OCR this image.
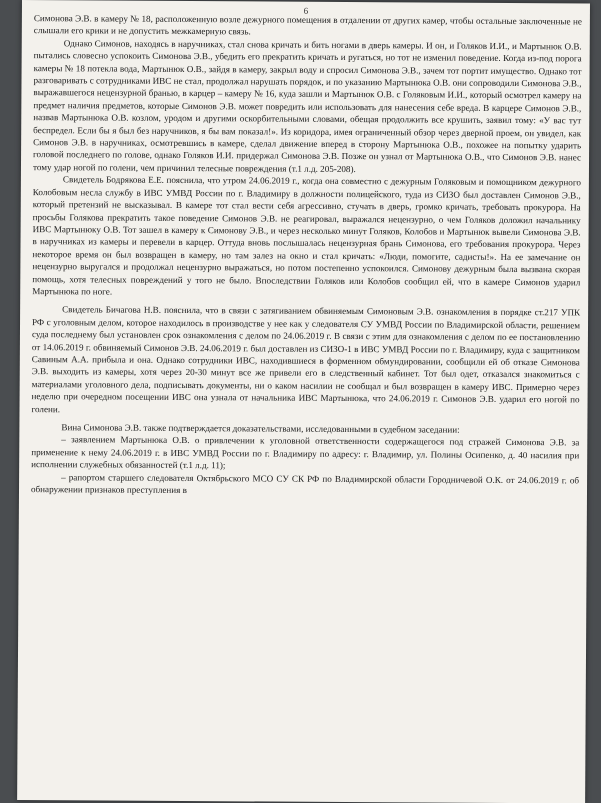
6

Симонова Э.В. в камеру № 18, расположенную возле дежурного помещения в отдалении от других камер, чтобы остальные заключенные не слышали его крики и не допустить межкамерную связь.

Однако Симонов, находясь в наручниках, стал снова кричать и бить ногами в дверь камеры. И он, и Голяков И.И., и Мартынюк О.В. пытались словесно успокоить Симонова Э.В., убедить его прекратить кричать и ругаться, но тот не изменил поведение. Когда из-под порога камеры № 18 потекла вода, Мартынюк О.В., зайдя в камеру, закрыл воду и спросил Симонова Э.В., зачем тот портит имущество. Однако тот разговаривать с сотрудниками ИВС не стал, продолжал нарушать порядок, и по указанию Мартынюка О.В. они сопроводили Симонова Э.В., выражавшегося нецензурной бранью, в карцер – камеру № 16, куда зашли и Мартынюк О.В. с Голяковым И.И., который осмотрел камеру на предмет наличия предметов, которые Симонов Э.В. может повредить или использовать для нанесения себе вреда. В карцере Симонов Э.В., назвав Мартынюка О.В. козлом, уродом и другими оскорбительными словами, обещая продолжить все крушить, заявил тому: «У вас тут беспредел. Если бы я был без наручников, я бы вам показал!». Из коридора, имея ограниченный обзор через дверной проем, он увидел, как Симонов Э.В. в наручниках, осмотревшись в камере, сделал движение вперед в сторону Мартынюка О.В., похожее на попытку ударить головой последнего по голове, однако Голяков И.И. придержал Симонова Э.В. Позже он узнал от Мартынюка О.В., что Симонов Э.В. нанес тому удар ногой по голени, чем причинил телесные повреждения (т.1 л.д. 205-208).

Свидетель Бодрякова Е.Е. пояснила, что утром 24.06.2019 г., когда она совместно с дежурным Голяковым и помощником дежурного Колобовым несла службу в ИВС УМВД России по г. Владимиру в должности полицейского, туда из СИЗО был доставлен Симонов Э.В., который претензий не высказывал. В камере тот стал вести себя агрессивно, стучать в дверь, громко кричать, требовать прокурора. На просьбы Голякова прекратить такое поведение Симонов Э.В. не реагировал, выражался нецензурно, о чем Голяков доложил начальнику ИВС Мартынюку О.В. Тот зашел в камеру к Симонову Э.В., и через несколько минут Голяков, Колобов и Мартынюк вывели Симонова Э.В. в наручниках из камеры и перевели в карцер. Оттуда вновь послышалась нецензурная брань Симонова, его требования прокурора. Через некоторое время он был возвращен в камеру, но там залез на окно и стал кричать: «Люди, помогите, садисты!». На ее замечание он нецензурно выругался и продолжал нецензурно выражаться, но потом постепенно успокоился. Симонову дежурным была вызвана скорая помощь, хотя телесных повреждений у того не было. Впоследствии Голяков или Колобов сообщил ей, что в камере Симонов ударил Мартынюка по ноге.

Свидетель Бичагова Н.В. пояснила, что в связи с затягиванием обвиняемым Симоновым Э.В. ознакомления в порядке ст.217 УПК РФ с уголовным делом, которое находилось в производстве у нее как у следователя СУ УМВД России по Владимирской области, решением суда последнему был установлен срок ознакомления с делом по 24.06.2019 г. В связи с этим для ознакомления с делом по ее постановлению от 14.06.2019 г. обвиняемый Симонов Э.В. 24.06.2019 г. был доставлен из СИЗО-1 в ИВС УМВД России по г. Владимиру, куда с защитником Савиным А.А. прибыла и она. Однако сотрудники ИВС, находившиеся в форменном обмундировании, сообщили ей об отказе Симонова Э.В. выходить из камеры, хотя через 20-30 минут все же привели его в следственный кабинет. Тот был одет, отказался знакомиться с материалами уголовного дела, подписывать документы, ни о каком насилии не сообщал и был возвращен в камеру ИВС. Примерно через неделю при очередном посещении ИВС она узнала от начальника ИВС Мартынюка, что 24.06.2019 г. Симонов Э.В. ударил его ногой по голени.

Вина Симонова Э.В. также подтверждается доказательствами, исследованными в судебном заседании:

– заявлением Мартынюка О.В. о привлечении к уголовной ответственности содержащегося под стражей Симонова Э.В. за применение к нему 24.06.2019 г. в ИВС УМВД России по г. Владимиру по адресу: г. Владимир, ул. Полины Осипенко, д. 40 насилия при исполнении служебных обязанностей (т.1 л.д. 11);

– рапортом старшего следователя Октябрьского МСО СУ СК РФ по Владимирской области Городничевой О.К. от 24.06.2019 г. об обнаружении признаков преступления в
